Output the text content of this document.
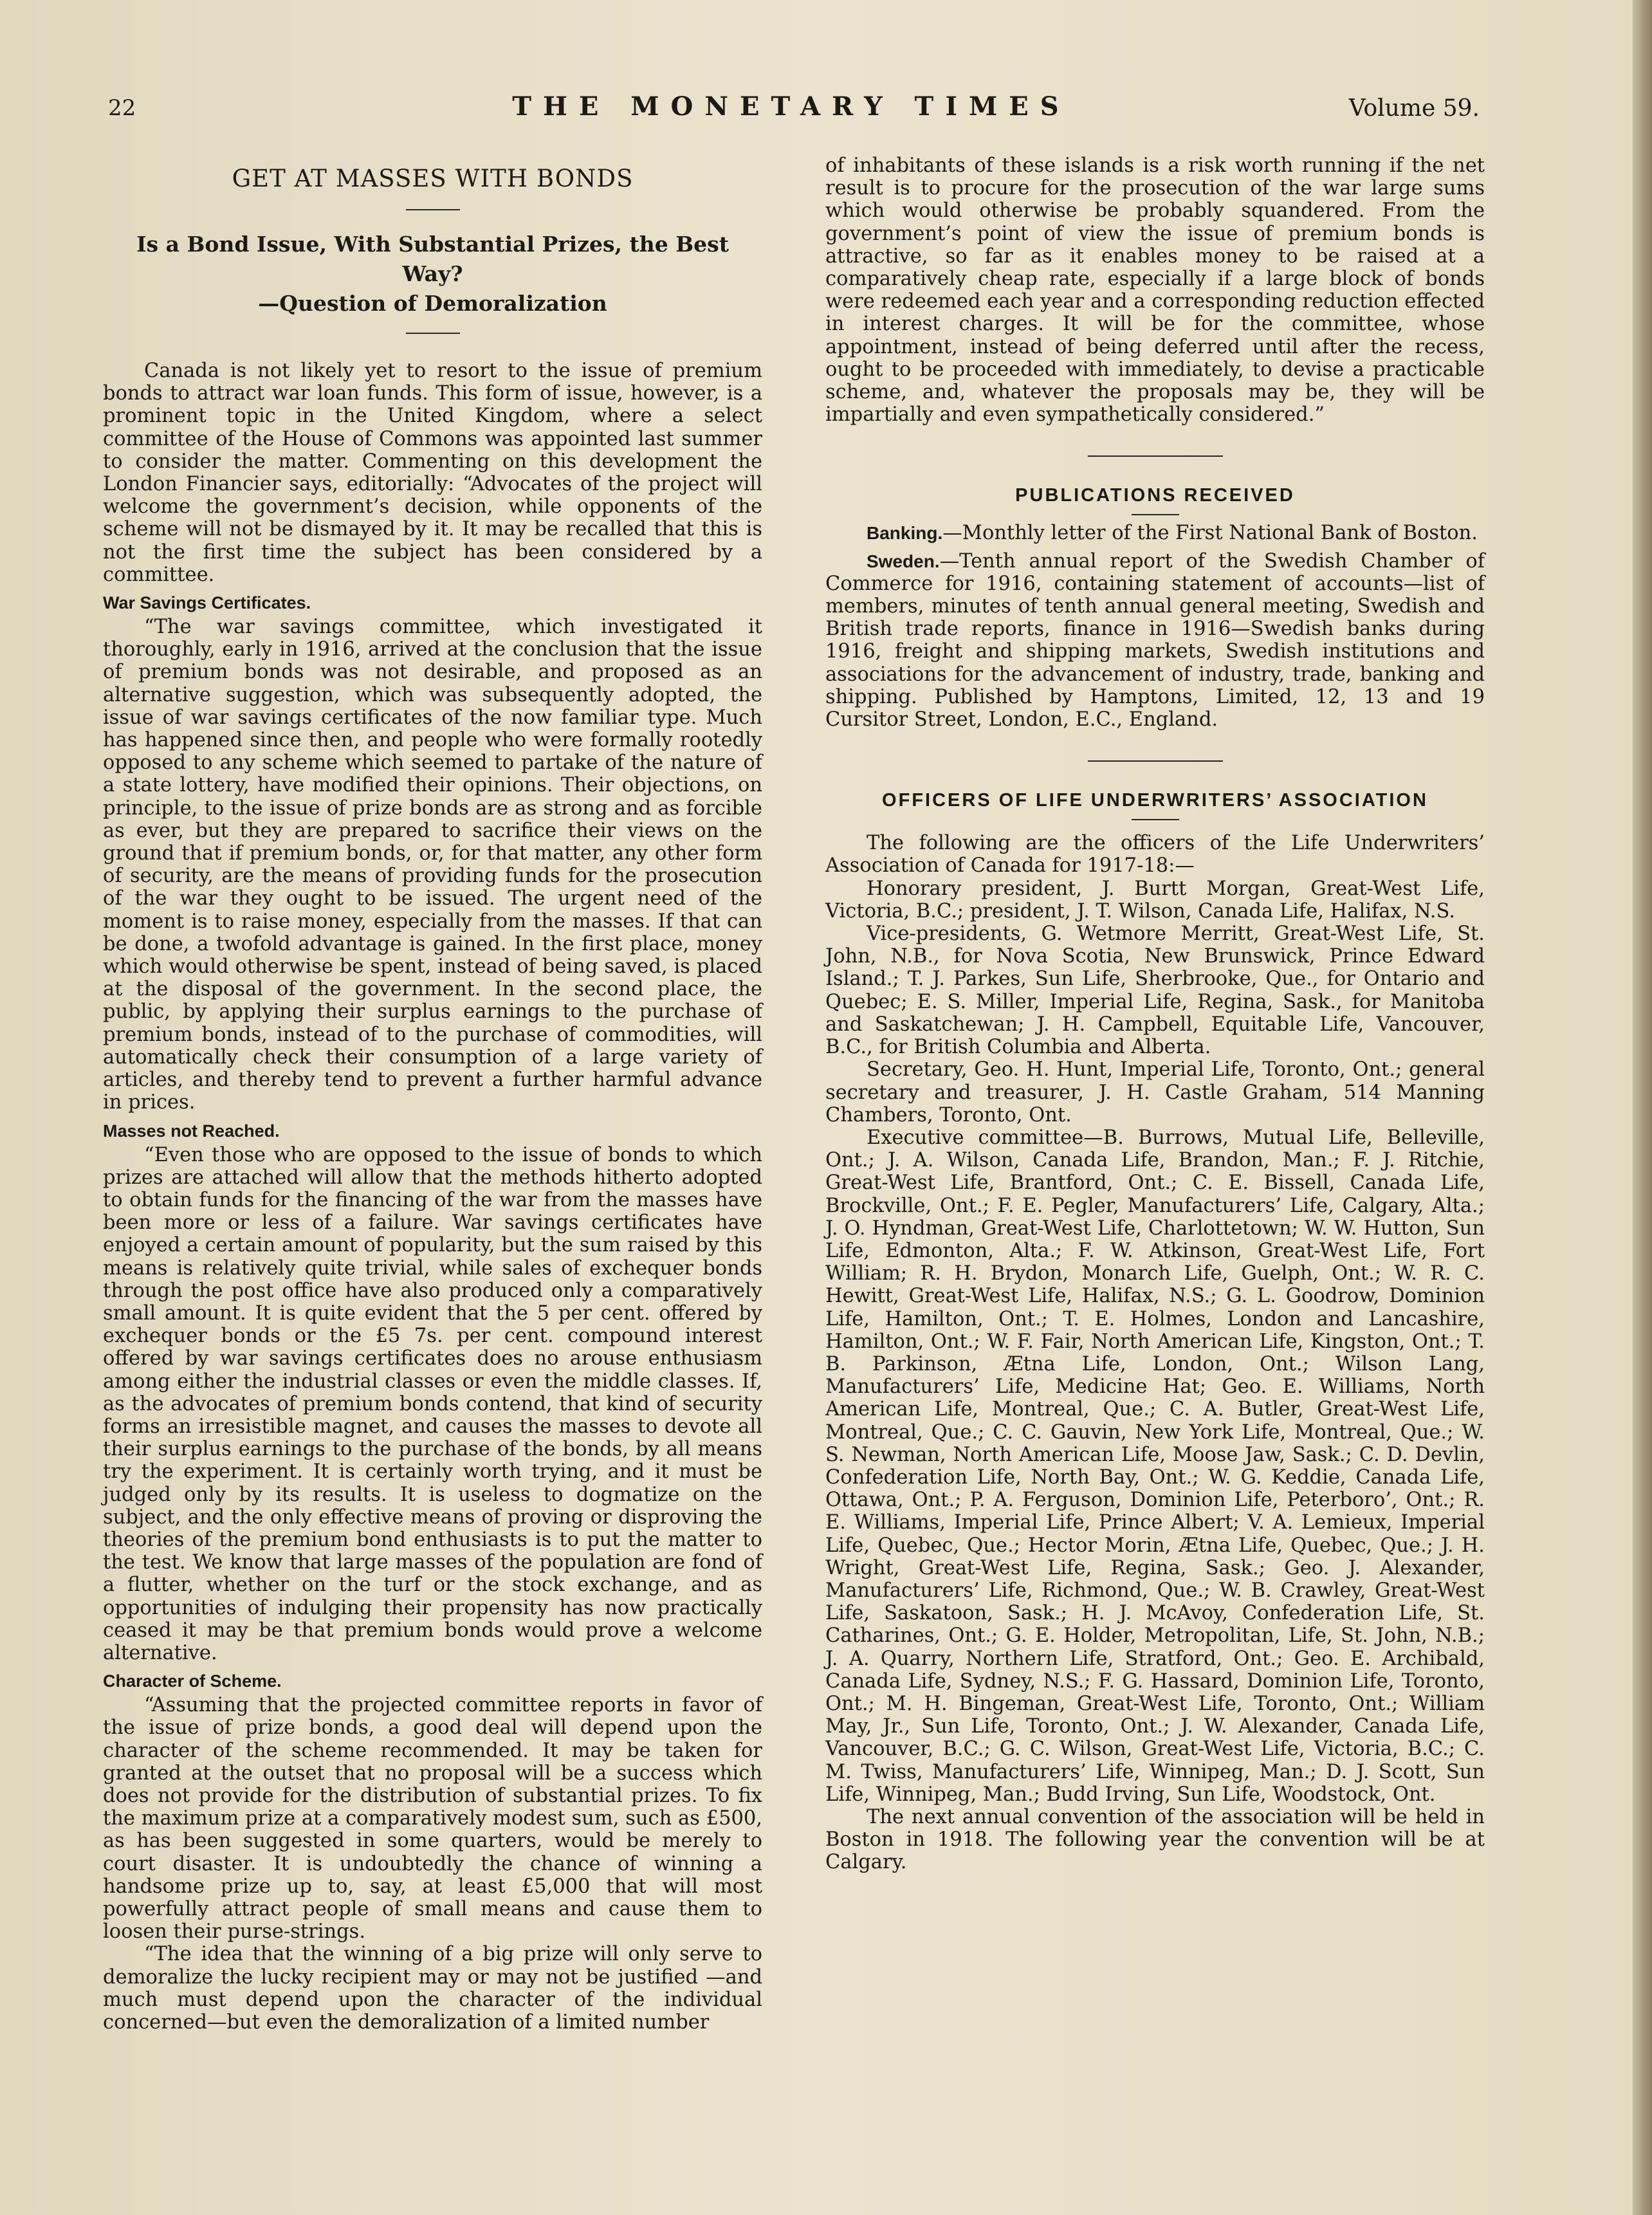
22	THE MONETARY TIMES	Volume 59.
GET AT MASSES WITH BONDS
Is a Bond Issue, With Substantial Prizes, the Best Way?
—Question of Demoralization

Canada is not likely yet to resort to the issue of premium bonds to attract war loan funds. This form of issue, however, is a prominent topic in the United Kingdom, where a select committee of the House of Commons was appointed last summer to consider the matter. Commenting on this development the London Financier says, editorially: “Advocates of the project will welcome the government’s decision, while opponents of the scheme will not be dismayed by it. It may be recalled that this is not the first time the subject has been considered by a committee.

War Savings Certificates.

“The war savings committee, which investigated it thoroughly, early in 1916, arrived at the conclusion that the issue of premium bonds was not desirable, and proposed as an alternative suggestion, which was subsequently adopted, the issue of war savings certificates of the now familiar type. Much has happened since then, and people who were formally rootedly opposed to any scheme which seemed to partake of the nature of a state lottery, have modified their opinions. Their objections, on principle, to the issue of prize bonds are as strong and as forcible as ever, but they are prepared to sacrifice their views on the ground that if premium bonds, or, for that matter, any other form of security, are the means of providing funds for the prosecution of the war they ought to be issued. The urgent need of the moment is to raise money, especially from the masses. If that can be done, a twofold advantage is gained. In the first place, money which would otherwise be spent, instead of being saved, is placed at the disposal of the government. In the second place, the public, by applying their surplus earnings to the purchase of premium bonds, instead of to the purchase of commodities, will automatically check their consumption of a large variety of articles, and thereby tend to prevent a further harmful advance in prices.

Masses not Reached.

“Even those who are opposed to the issue of bonds to which prizes are attached will allow that the methods hitherto adopted to obtain funds for the financing of the war from the masses have been more or less of a failure. War savings certificates have enjoyed a certain amount of popularity, but the sum raised by this means is relatively quite trivial, while sales of exchequer bonds through the post office have also produced only a comparatively small amount. It is quite evident that the 5 per cent. offered by exchequer bonds or the £5 7s. per cent. compound interest offered by war savings certificates does no arouse enthusiasm among either the industrial classes or even the middle classes. If, as the advocates of premium bonds contend, that kind of security forms an irresistible magnet, and causes the masses to devote all their surplus earnings to the purchase of the bonds, by all means try the experiment. It is certainly worth trying, and it must be judged only by its results. It is useless to dogmatize on the subject, and the only effective means of proving or disproving the theories of the premium bond enthusiasts is to put the matter to the test. We know that large masses of the population are fond of a flutter, whether on the turf or the stock exchange, and as opportunities of indulging their propensity has now practically ceased it may be that premium bonds would prove a welcome alternative.

Character of Scheme.

“Assuming that the projected committee reports in favor of the issue of prize bonds, a good deal will depend upon the character of the scheme recommended. It may be taken for granted at the outset that no proposal will be a success which does not provide for the distribution of substantial prizes. To fix the maximum prize at a comparatively modest sum, such as £500, as has been suggested in some quarters, would be merely to court disaster. It is undoubtedly the chance of winning a handsome prize up to, say, at least £5,000 that will most powerfully attract people of small means and cause them to loosen their purse-strings.

“The idea that the winning of a big prize will only serve to demoralize the lucky recipient may or may not be justified —and much must depend upon the character of the individual concerned—but even the demoralization of a limited number

of inhabitants of these islands is a risk worth running if the net result is to procure for the prosecution of the war large sums which would otherwise be probably squandered. From the government’s point of view the issue of premium bonds is attractive, so far as it enables money to be raised at a comparatively cheap rate, especially if a large block of bonds were redeemed each year and a corresponding reduction effected in interest charges. It will be for the committee, whose appointment, instead of being deferred until after the recess, ought to be proceeded with immediately, to devise a practicable scheme, and, whatever the proposals may be, they will be impartially and even sympathetically considered.”

PUBLICATIONS RECEIVED

Banking.—Monthly letter of the First National Bank of Boston.

Sweden.—Tenth annual report of the Swedish Chamber of Commerce for 1916, containing statement of accounts—list of members, minutes of tenth annual general meeting, Swedish and British trade reports, finance in 1916—Swedish banks during 1916, freight and shipping markets, Swedish institutions and associations for the advancement of industry, trade, banking and shipping. Published by Hamptons, Limited, 12, 13 and 19 Cursitor Street, London, E.C., England.

OFFICERS OF LIFE UNDERWRITERS’ ASSOCIATION

The following are the officers of the Life Underwriters’ Association of Canada for 1917-18:—

Honorary president, J. Burtt Morgan, Great-West Life, Victoria, B.C.; president, J. T. Wilson, Canada Life, Halifax, N.S.

Vice-presidents, G. Wetmore Merritt, Great-West Life, St. John, N.B., for Nova Scotia, New Brunswick, Prince Edward Island.; T. J. Parkes, Sun Life, Sherbrooke, Que., for Ontario and Quebec; E. S. Miller, Imperial Life, Regina, Sask., for Manitoba and Saskatchewan; J. H. Campbell, Equitable Life, Vancouver, B.C., for British Columbia and Alberta.

Secretary, Geo. H. Hunt, Imperial Life, Toronto, Ont.; general secretary and treasurer, J. H. Castle Graham, 514 Manning Chambers, Toronto, Ont.

Executive committee—B. Burrows, Mutual Life, Belleville, Ont.; J. A. Wilson, Canada Life, Brandon, Man.; F. J. Ritchie, Great-West Life, Brantford, Ont.; C. E. Bissell, Canada Life, Brockville, Ont.; F. E. Pegler, Manufacturers’ Life, Calgary, Alta.; J. O. Hyndman, Great-West Life, Charlottetown; W. W. Hutton, Sun Life, Edmonton, Alta.; F. W. Atkinson, Great-West Life, Fort William; R. H. Brydon, Monarch Life, Guelph, Ont.; W. R. C. Hewitt, Great-West Life, Halifax, N.S.; G. L. Goodrow, Dominion Life, Hamilton, Ont.; T. E. Holmes, London and Lancashire, Hamilton, Ont.; W. F. Fair, North American Life, Kingston, Ont.; T. B. Parkinson, Ætna Life, London, Ont.; Wilson Lang, Manufacturers’ Life, Medicine Hat; Geo. E. Williams, North American Life, Montreal, Que.; C. A. Butler, Great-West Life, Montreal, Que.; C. C. Gauvin, New York Life, Montreal, Que.; W. S. Newman, North American Life, Moose Jaw, Sask.; C. D. Devlin, Confederation Life, North Bay, Ont.; W. G. Keddie, Canada Life, Ottawa, Ont.; P. A. Ferguson, Dominion Life, Peterboro’, Ont.; R. E. Williams, Imperial Life, Prince Albert; V. A. Lemieux, Imperial Life, Quebec, Que.; Hector Morin, Ætna Life, Quebec, Que.; J. H. Wright, Great-West Life, Regina, Sask.; Geo. J. Alexander, Manufacturers’ Life, Richmond, Que.; W. B. Crawley, Great-West Life, Saskatoon, Sask.; H. J. McAvoy, Confederation Life, St. Catharines, Ont.; G. E. Holder, Metropolitan, Life, St. John, N.B.; J. A. Quarry, Northern Life, Stratford, Ont.; Geo. E. Archibald, Canada Life, Sydney, N.S.; F. G. Hassard, Dominion Life, Toronto, Ont.; M. H. Bingeman, Great-West Life, Toronto, Ont.; William May, Jr., Sun Life, Toronto, Ont.; J. W. Alexander, Canada Life, Vancouver, B.C.; G. C. Wilson, Great-West Life, Victoria, B.C.; C. M. Twiss, Manufacturers’ Life, Winnipeg, Man.; D. J. Scott, Sun Life, Winnipeg, Man.; Budd Irving, Sun Life, Woodstock, Ont.

The next annual convention of the association will be held in Boston in 1918. The following year the convention will be at Calgary.
